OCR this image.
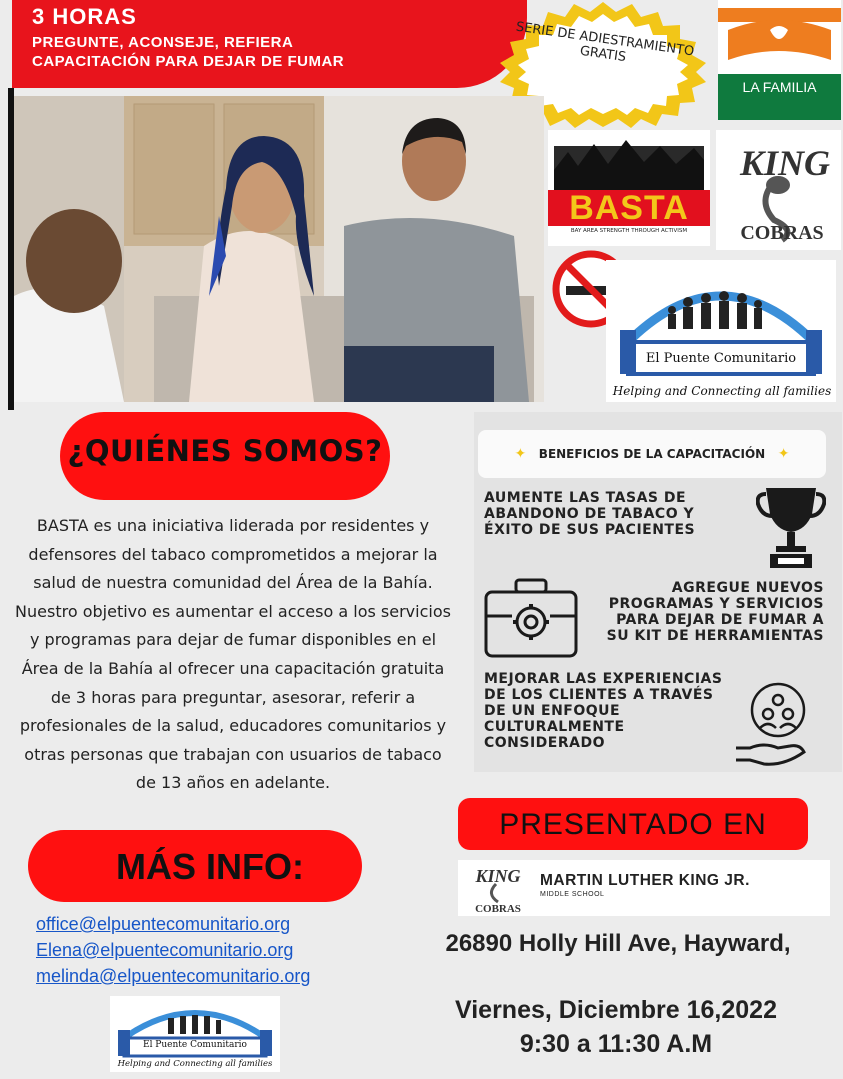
3 HORAS
PREGUNTE, ACONSEJE, REFIERA
CAPACITACIÓN PARA DEJAR DE FUMAR
SERIE DE ADIESTRAMIENTO GRATIS
LA FAMILIA
BASTA
BAY AREA STRENGTH THROUGH ACTIVISM
KING
COBRAS
El Puente Comunitario
Helping and Connecting all families
¿QUIÉNES SOMOS?
BASTA es una iniciativa liderada por residentes y defensores del tabaco comprometidos a mejorar la salud de nuestra comunidad del Área de la Bahía. Nuestro objetivo es aumentar el acceso a los servicios y programas para dejar de fumar disponibles en el Área de la Bahía al ofrecer una capacitación gratuita de 3 horas para preguntar, asesorar, referir a profesionales de la salud, educadores comunitarios y otras personas que trabajan con usuarios de tabaco de 13 años en adelante.
✦ BENEFICIOS DE LA CAPACITACIÓN ✦
AUMENTE LAS TASAS DE ABANDONO DE TABACO Y ÉXITO DE SUS PACIENTES
AGREGUE NUEVOS PROGRAMAS Y SERVICIOS PARA DEJAR DE FUMAR A SU KIT DE HERRAMIENTAS
MEJORAR LAS EXPERIENCIAS DE LOS CLIENTES A TRAVÉS DE UN ENFOQUE CULTURALMENTE CONSIDERADO
PRESENTADO EN
KING
COBRAS
MARTIN LUTHER KING JR.
MIDDLE SCHOOL
26890 Holly Hill Ave, Hayward,
Viernes, Diciembre 16,2022
9:30 a 11:30 A.M
MÁS INFO:
office@elpuentecomunitario.org
Elena@elpuentecomunitario.org
melinda@elpuentecomunitario.org
El Puente Comunitario
Helping and Connecting all families
